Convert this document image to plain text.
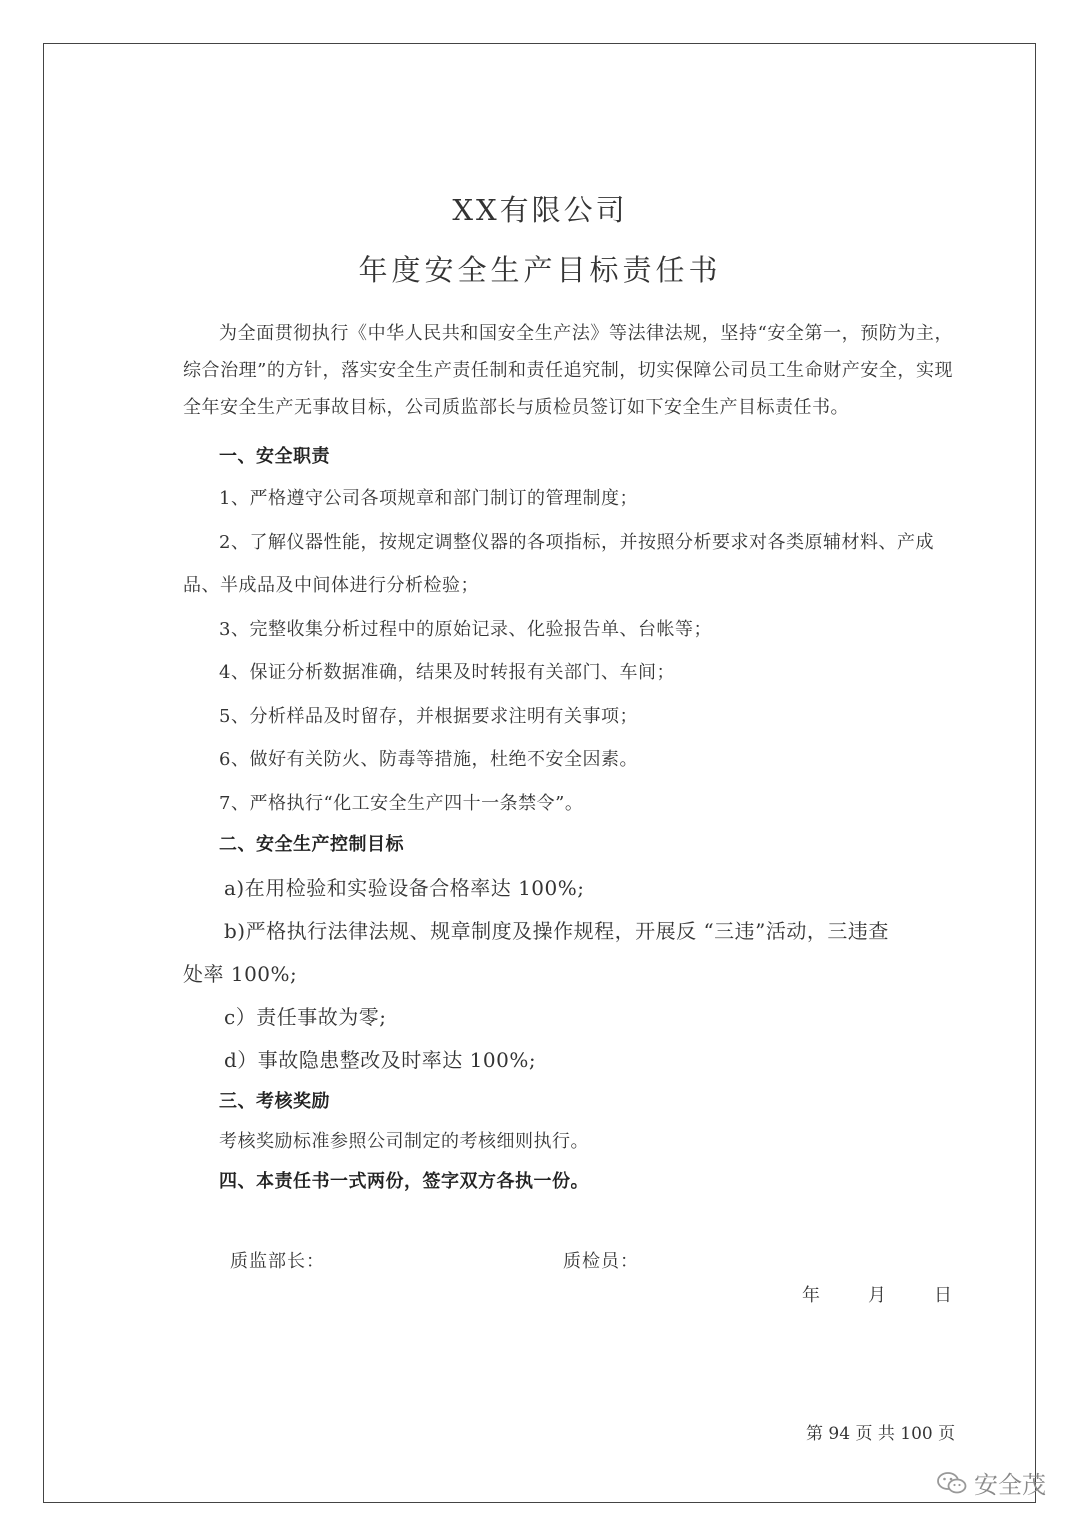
XX有限公司
年度安全生产目标责任书
为全面贯彻执行《中华人民共和国安全生产法》等法律法规，坚持“安全第一，预防为主，综合治理”的方针，落实安全生产责任制和责任追究制，切实保障公司员工生命财产安全，实现全年安全生产无事故目标，公司质监部长与质检员签订如下安全生产目标责任书。
一、安全职责
1、严格遵守公司各项规章和部门制订的管理制度；
2、了解仪器性能，按规定调整仪器的各项指标，并按照分析要求对各类原辅材料、产成
品、半成品及中间体进行分析检验；
3、完整收集分析过程中的原始记录、化验报告单、台帐等；
4、保证分析数据准确，结果及时转报有关部门、车间；
5、分析样品及时留存，并根据要求注明有关事项；
6、做好有关防火、防毒等措施，杜绝不安全因素。
7、严格执行“化工安全生产四十一条禁令”。
二、安全生产控制目标
a)在用检验和实验设备合格率达 100%;
b)严格执行法律法规、规章制度及操作规程，开展反 “三违”活动，三违查
处率 100%;
c）责任事故为零;
d）事故隐患整改及时率达 100%;
三、考核奖励
考核奖励标准参照公司制定的考核细则执行。
四、本责任书一式两份，签字双方各执一份。
质监部长：	质检员：
年	月	日
第 94 页 共 100 页
安全茂
